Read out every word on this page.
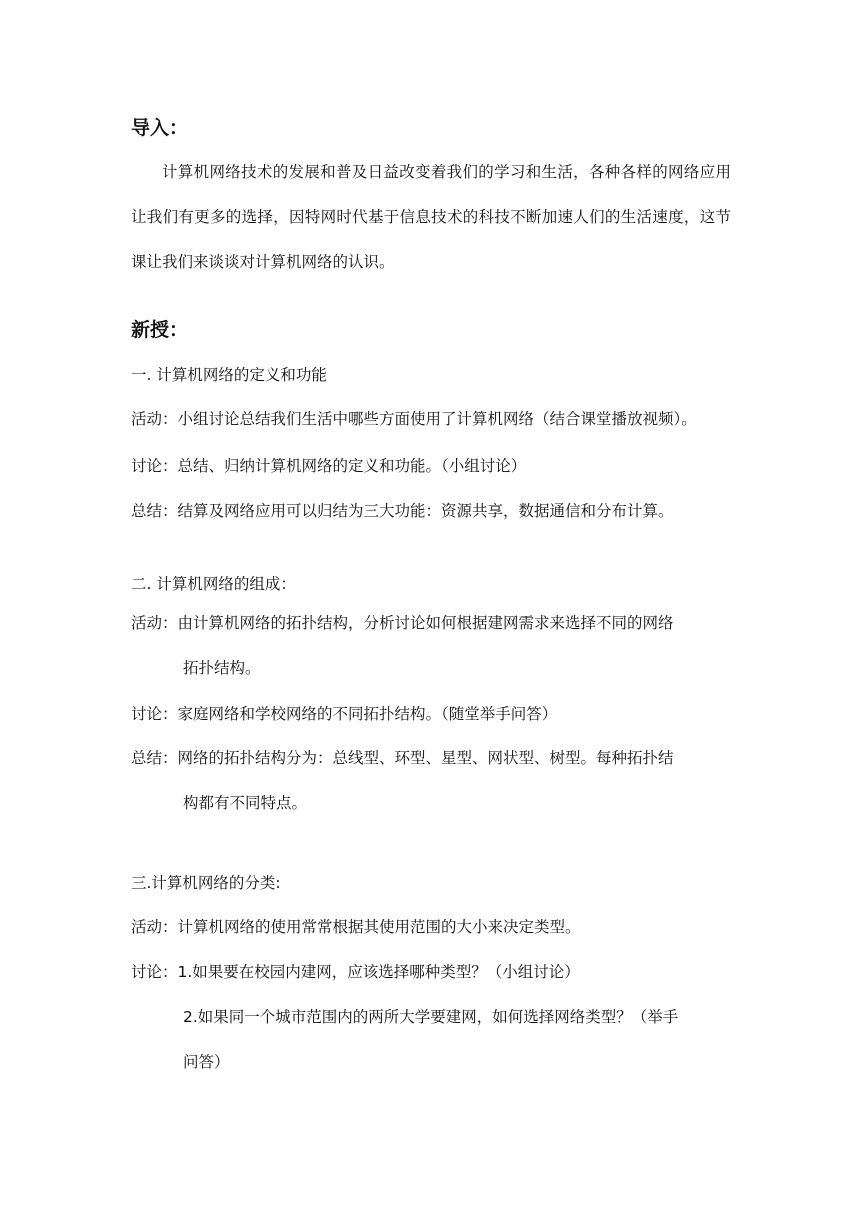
导入：
计算机网络技术的发展和普及日益改变着我们的学习和生活，各种各样的网络应用让我们有更多的选择，因特网时代基于信息技术的科技不断加速人们的生活速度，这节课让我们来谈谈对计算机网络的认识。
新授：
一. 计算机网络的定义和功能
活动：小组讨论总结我们生活中哪些方面使用了计算机网络（结合课堂播放视频）。
讨论：总结、归纳计算机网络的定义和功能。（小组讨论）
总结：结算及网络应用可以归结为三大功能：资源共享，数据通信和分布计算。
二. 计算机网络的组成：
活动：由计算机网络的拓扑结构，分析讨论如何根据建网需求来选择不同的网络
拓扑结构。
讨论：家庭网络和学校网络的不同拓扑结构。（随堂举手问答）
总结：网络的拓扑结构分为：总线型、环型、星型、网状型、树型。每种拓扑结
构都有不同特点。
三.计算机网络的分类:
活动：计算机网络的使用常常根据其使用范围的大小来决定类型。
讨论：1.如果要在校园内建网，应该选择哪种类型？（小组讨论）
2.如果同一个城市范围内的两所大学要建网，如何选择网络类型？（举手
问答）
